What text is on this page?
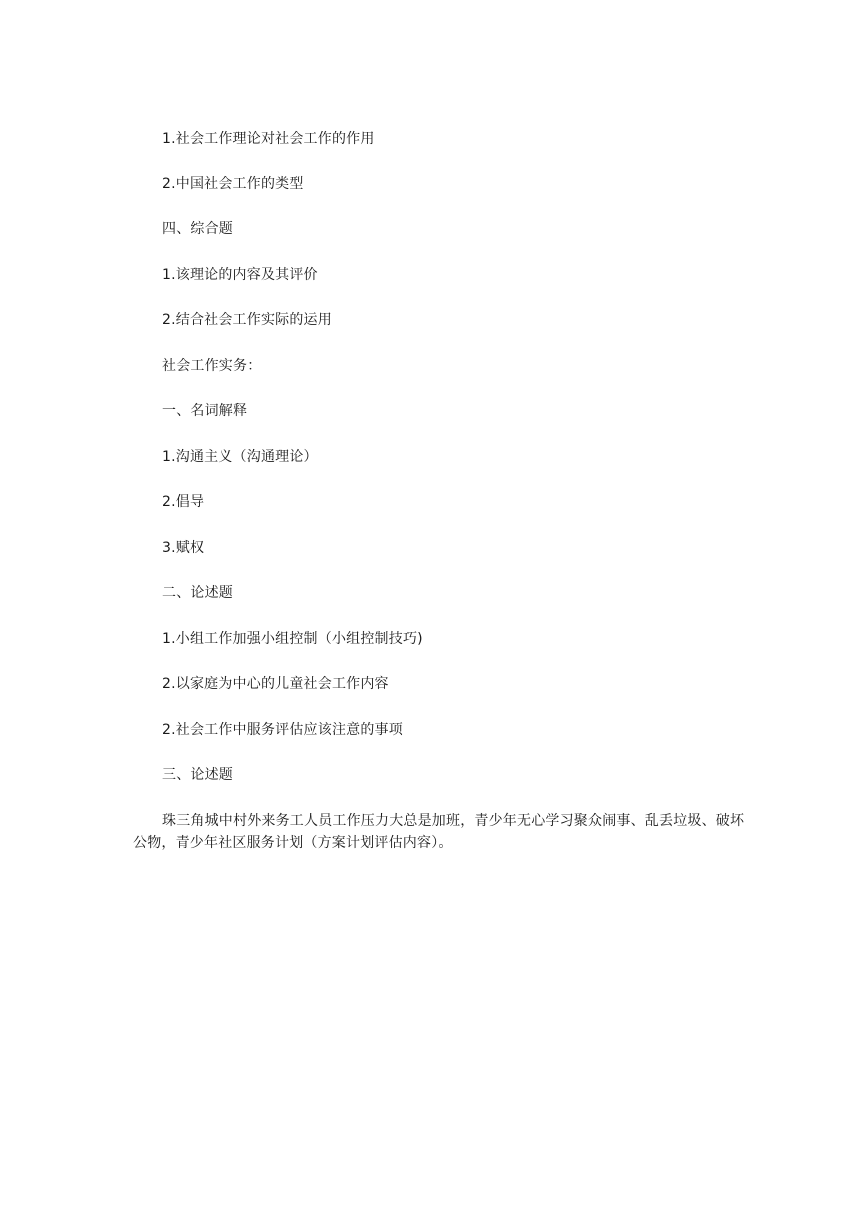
1.社会工作理论对社会工作的作用
2.中国社会工作的类型
四、综合题
1.该理论的内容及其评价
2.结合社会工作实际的运用
社会工作实务：
一、名词解释
1.沟通主义（沟通理论）
2.倡导
3.赋权
二、论述题
1.小组工作加强小组控制（小组控制技巧)
2.以家庭为中心的儿童社会工作内容
2.社会工作中服务评估应该注意的事项
三、论述题
珠三角城中村外来务工人员工作压力大总是加班，青少年无心学习聚众闹事、乱丢垃圾、破坏公物，青少年社区服务计划（方案计划评估内容）。
